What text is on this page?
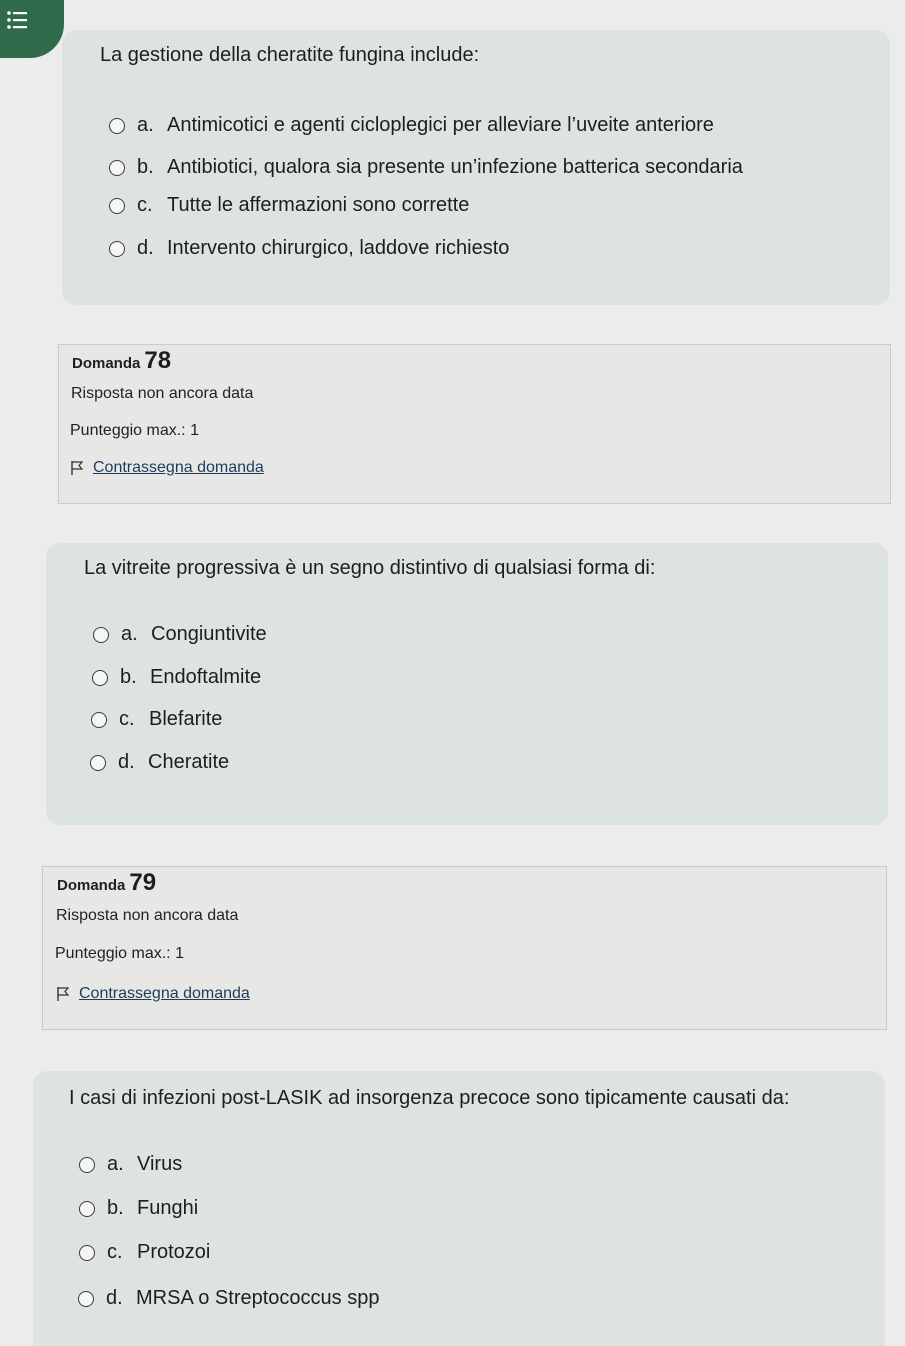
La gestione della cheratite fungina include:
a. Antimicotici e agenti cicloplegici per alleviare l’uveite anteriore
b. Antibiotici, qualora sia presente un’infezione batterica secondaria
c. Tutte le affermazioni sono corrette
d. Intervento chirurgico, laddove richiesto
Domanda 78
Risposta non ancora data
Punteggio max.: 1
Contrassegna domanda
La vitreite progressiva è un segno distintivo di qualsiasi forma di:
a. Congiuntivite
b. Endoftalmite
c. Blefarite
d. Cheratite
Domanda 79
Risposta non ancora data
Punteggio max.: 1
Contrassegna domanda
I casi di infezioni post-LASIK ad insorgenza precoce sono tipicamente causati da:
a. Virus
b. Funghi
c. Protozoi
d. MRSA o Streptococcus spp
